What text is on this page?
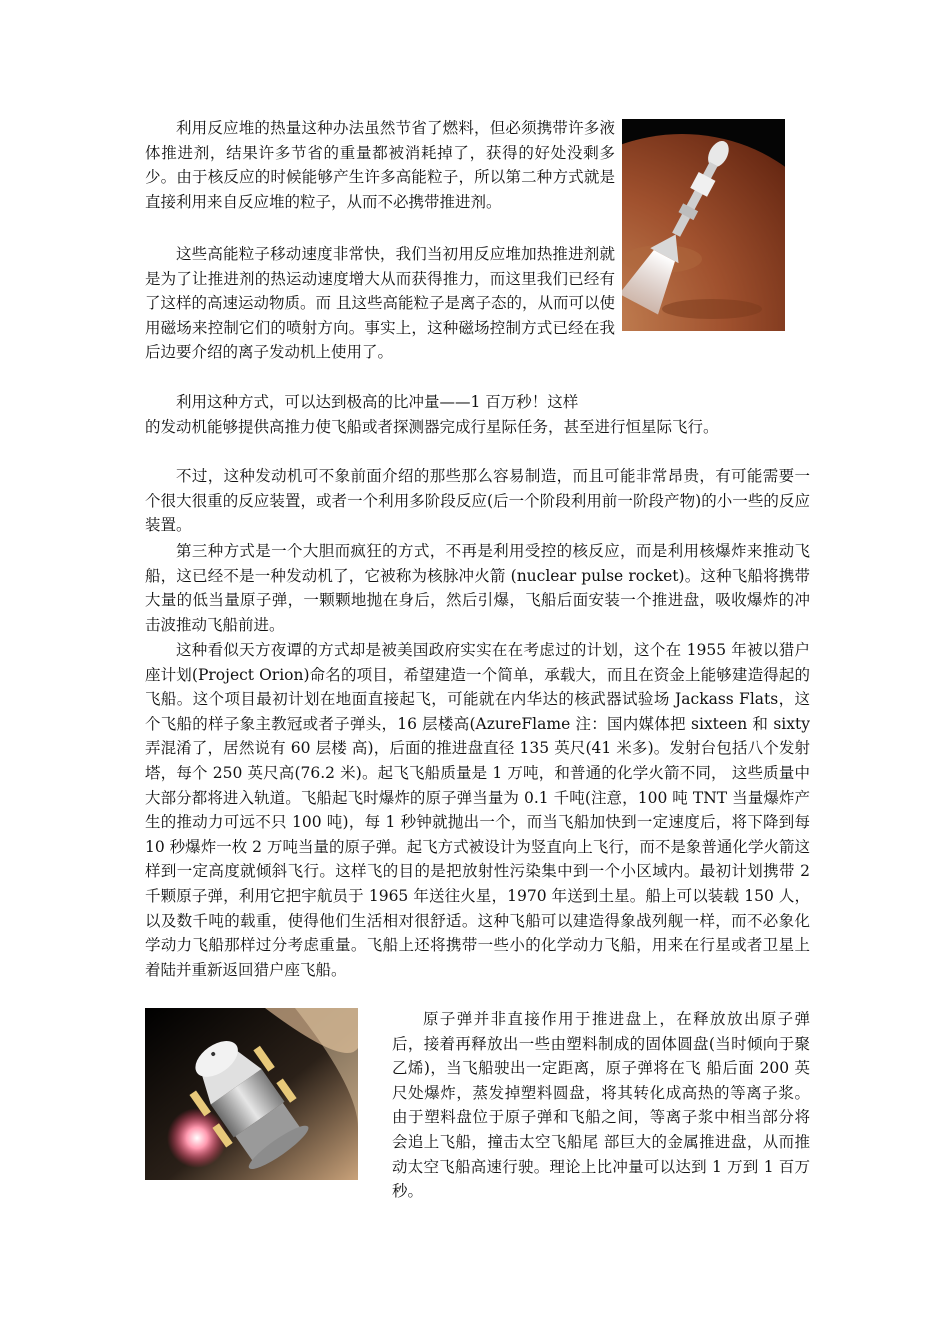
利用反应堆的热量这种办法虽然节省了燃料，但必须携带许多液体推进剂，结果许多节省的重量都被消耗掉了，获得的好处没剩多少。由于核反应的时候能够产生许多高能粒子，所以第二种方式就是直接利用来自反应堆的粒子，从而不必携带推进剂。

这些高能粒子移动速度非常快，我们当初用反应堆加热推进剂就是为了让推进剂的热运动速度增大从而获得推力，而这里我们已经有了这样的高速运动物质。而 且这些高能粒子是离子态的，从而可以使用磁场来控制它们的喷射方向。事实上，这种磁场控制方式已经在我后边要介绍的离子发动机上使用了。

利用这种方式，可以达到极高的比冲量——1 百万秒！这样

的发动机能够提供高推力使飞船或者探测器完成行星际任务，甚至进行恒星际飞行。

不过，这种发动机可不象前面介绍的那些那么容易制造，而且可能非常昂贵，有可能需要一个很大很重的反应装置，或者一个利用多阶段反应(后一个阶段利用前一阶段产物)的小一些的反应装置。

第三种方式是一个大胆而疯狂的方式，不再是利用受控的核反应，而是利用核爆炸来推动飞船，这已经不是一种发动机了，它被称为核脉冲火箭 (nuclear pulse rocket)。这种飞船将携带大量的低当量原子弹，一颗颗地抛在身后，然后引爆，飞船后面安装一个推进盘，吸收爆炸的冲击波推动飞船前进。

这种看似天方夜谭的方式却是被美国政府实实在在考虑过的计划，这个在 1955 年被以猎户座计划(Project Orion)命名的项目，希望建造一个简单，承载大，而且在资金上能够建造得起的飞船。这个项目最初计划在地面直接起飞，可能就在内华达的核武器试验场 Jackass Flats，这个飞船的样子象主教冠或者子弹头，16 层楼高(AzureFlame 注：国内媒体把 sixteen 和 sixty 弄混淆了，居然说有 60 层楼 高)，后面的推进盘直径 135 英尺(41 米多)。发射台包括八个发射塔，每个 250 英尺高(76.2 米)。起飞飞船质量是 1 万吨，和普通的化学火箭不同， 这些质量中大部分都将进入轨道。飞船起飞时爆炸的原子弹当量为 0.1 千吨(注意，100 吨 TNT 当量爆炸产生的推动力可远不只 100 吨)，每 1 秒钟就抛出一个，而当飞船加快到一定速度后，将下降到每 10 秒爆炸一枚 2 万吨当量的原子弹。起飞方式被设计为竖直向上飞行，而不是象普通化学火箭这样到一定高度就倾斜飞行。这样飞的目的是把放射性污染集中到一个小区域内。最初计划携带 2 千颗原子弹，利用它把宇航员于 1965 年送往火星，1970 年送到土星。船上可以装载 150 人，以及数千吨的载重，使得他们生活相对很舒适。这种飞船可以建造得象战列舰一样，而不必象化学动力飞船那样过分考虑重量。飞船上还将携带一些小的化学动力飞船，用来在行星或者卫星上着陆并重新返回猎户座飞船。

原子弹并非直接作用于推进盘上，在释放放出原子弹后，接着再释放出一些由塑料制成的固体圆盘(当时倾向于聚乙烯)，当飞船驶出一定距离，原子弹将在飞 船后面 200 英尺处爆炸，蒸发掉塑料圆盘，将其转化成高热的等离子浆。由于塑料盘位于原子弹和飞船之间，等离子浆中相当部分将会追上飞船，撞击太空飞船尾 部巨大的金属推进盘，从而推动太空飞船高速行驶。理论上比冲量可以达到 1 万到 1 百万秒。
